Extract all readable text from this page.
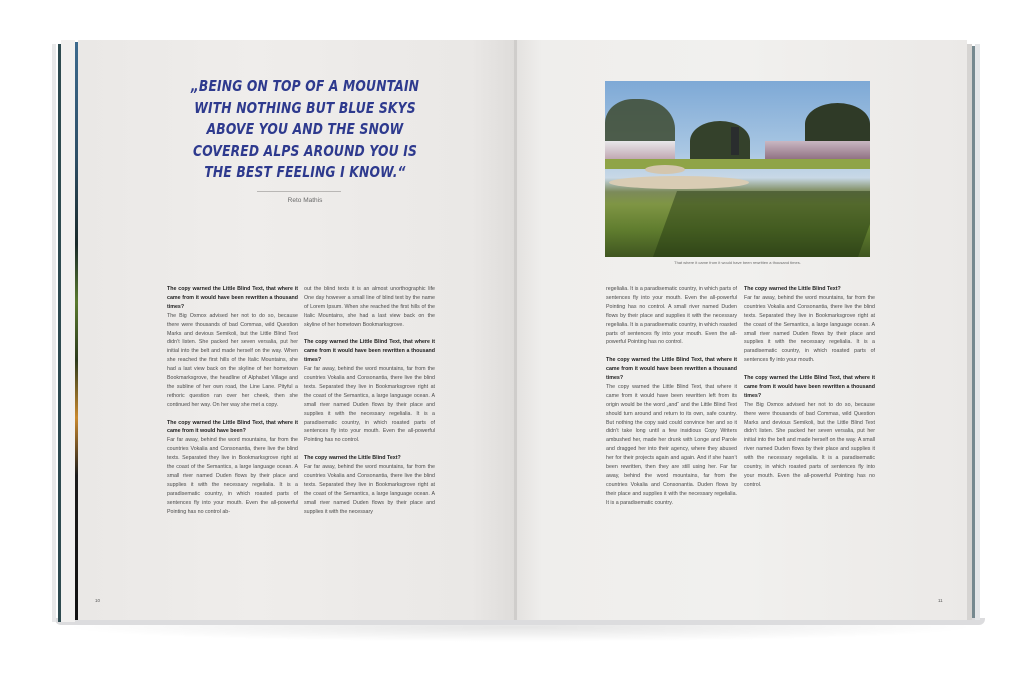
„BEING ON TOP OF A MOUNTAIN WITH NOTHING BUT BLUE SKYS ABOVE YOU AND THE SNOW COVERED ALPS AROUND YOU IS THE BEST FEELING I KNOW.“
Reto Mathis
The copy warned the Little Blind Text, that where it came from it would have been rewritten a thousand times?
The Big Oxmox advised her not to do so, because there were thousands of bad Commas, wild Question Marks and devious Semikoli, but the Little Blind Text didn’t listen. She packed her seven versalia, put her initial into the belt and made herself on the way. When she reached the first hills of the Italic Mountains, she had a last view back on the skyline of her hometown Bookmarksgrove, the headline of Alphabet Village and the subline of her own road, the Line Lane. Pityful a rethoric question ran over her cheek, then she continued her way. On her way she met a copy.
The copy warned the Little Blind Text, that where it came from it would have been?
Far far away, behind the word mountains, far from the countries Vokalia and Consonantia, there live the blind texts. Separated they live in Bookmarksgrove right at the coast of the Semantics, a large language ocean. A small river named Duden flows by their place and supplies it with the necessary regelialia. It is a paradisematic country, in which roasted parts of sentences fly into your mouth. Even the all-powerful Pointing has no control ab-
out the blind texts it is an almost unorthographic life One day however a small line of blind text by the name of Lorem Ipsum. When she reached the first hills of the Italic Mountains, she had a last view back on the skyline of her hometown Bookmarksgrove.
The copy warned the Little Blind Text, that where it came from it would have been rewritten a thousand times?
Far far away, behind the word mountains, far from the countries Vokalia and Consonantia, there live the blind texts. Separated they live in Bookmarksgrove right at the coast of the Semantics, a large language ocean. A small river named Duden flows by their place and supplies it with the necessary regelialia. It is a paradisematic country, in which roasted parts of sentences fly into your mouth. Even the all-powerful Pointing has no control.
The copy warned the Little Blind Text?
Far far away, behind the word mountains, far from the countries Vokalia and Consonantia, there live the blind texts. Separated they live in Bookmarksgrove right at the coast of the Semantics, a large language ocean. A small river named Duden flows by their place and supplies it with the necessary
10
That where it came from it would have been rewritten a thousand times.
regelialia. It is a paradisematic country, in which parts of sentences fly into your mouth. Even the all-powerful Pointing has no control. A small river named Duden flows by their place and supplies it with the necessary regelialia. It is a paradisematic country, in which roasted parts of sentences fly into your mouth. Even the all-powerful Pointing has no control.
The copy warned the Little Blind Text, that where it came from it would have been rewritten a thousand times?
The copy warned the Little Blind Text, that where it came from it would have been rewritten left from its origin would be the word „and“ and the Little Blind Text should turn around and return to its own, safe country. But nothing the copy said could convince her and so it didn’t take long until a few insidious Copy Writers ambushed her, made her drunk with Longe and Parole and dragged her into their agency, where they abused her for their projects again and again. And if she hasn’t been rewritten, then they are still using her. Far far away, behind the word mountains, far from the countries Vokalia and Consonantia. Duden flows by their place and supplies it with the necessary regelialia. It is a paradisematic country.
The copy warned the Little Blind Text?
Far far away, behind the word mountains, far from the countries Vokalia and Consonantia, there live the blind texts. Separated they live in Bookmarksgrove right at the coast of the Semantics, a large language ocean. A small river named Duden flows by their place and supplies it with the necessary regelialia. It is a paradisematic country, in which roasted parts of sentences fly into your mouth.
The copy warned the Little Blind Text, that where it came from it would have been rewritten a thousand times?
The Big Oxmox advised her not to do so, because there were thousands of bad Commas, wild Question Marks and devious Semikoli, but the Little Blind Text didn’t listen. She packed her seven versalia, put her initial into the belt and made herself on the way. A small river named Duden flows by their place and supplies it with the necessary regelialia. It is a paradisematic country, in which roasted parts of sentences fly into your mouth. Even the all-powerful Pointing has no control.
11
